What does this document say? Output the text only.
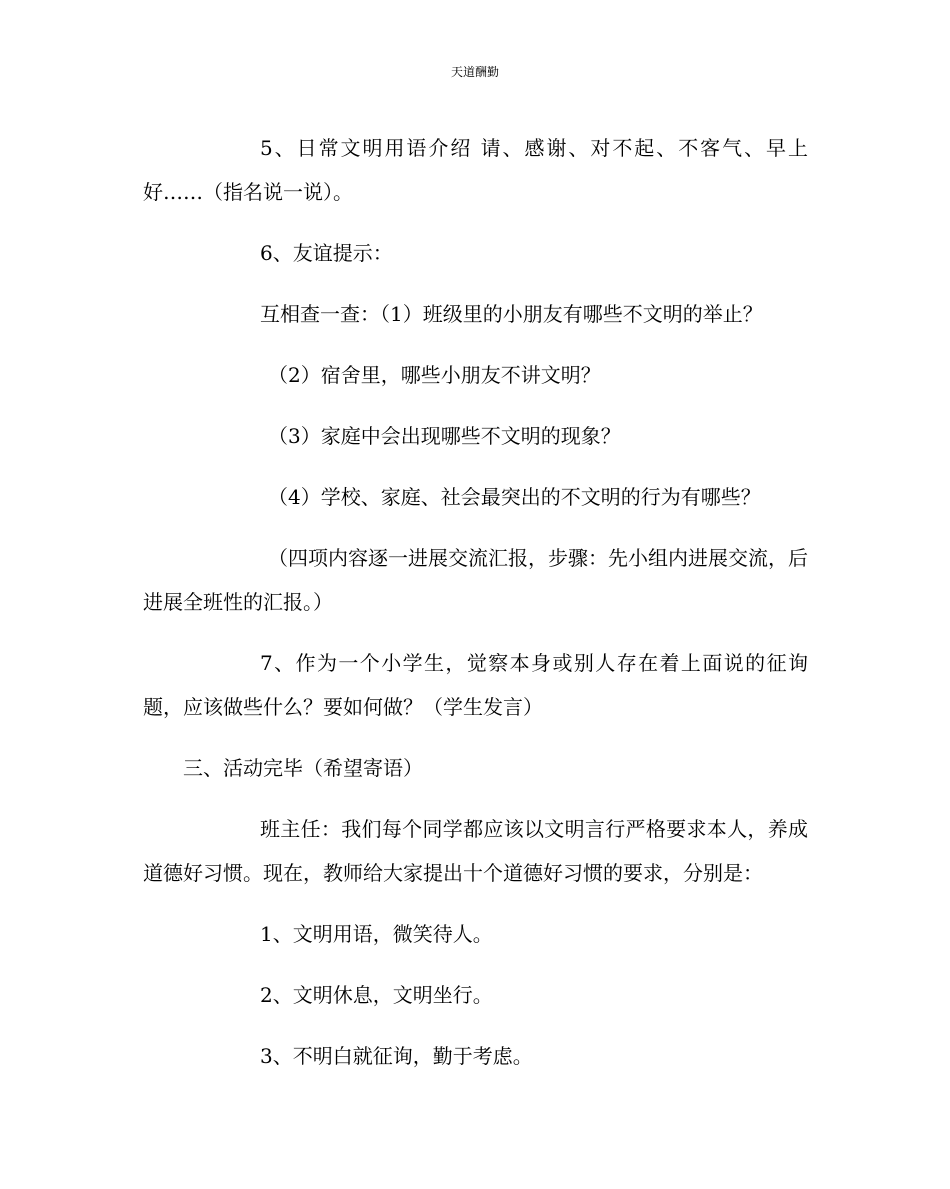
天道酬勤

5、日常文明用语介绍 请、感谢、对不起、不客气、早上好……（指名说一说）。

6、友谊提示：

互相查一查：（1）班级里的小朋友有哪些不文明的举止？

（2）宿舍里，哪些小朋友不讲文明？

（3）家庭中会出现哪些不文明的现象？

（4）学校、家庭、社会最突出的不文明的行为有哪些？

（四项内容逐一进展交流汇报，步骤：先小组内进展交流，后进展全班性的汇报。）

7、作为一个小学生，觉察本身或别人存在着上面说的征询题，应该做些什么？要如何做？（学生发言）

三、活动完毕（希望寄语）

班主任：我们每个同学都应该以文明言行严格要求本人，养成道德好习惯。现在，教师给大家提出十个道德好习惯的要求，分别是：

1、文明用语，微笑待人。

2、文明休息，文明坐行。

3、不明白就征询，勤于考虑。
